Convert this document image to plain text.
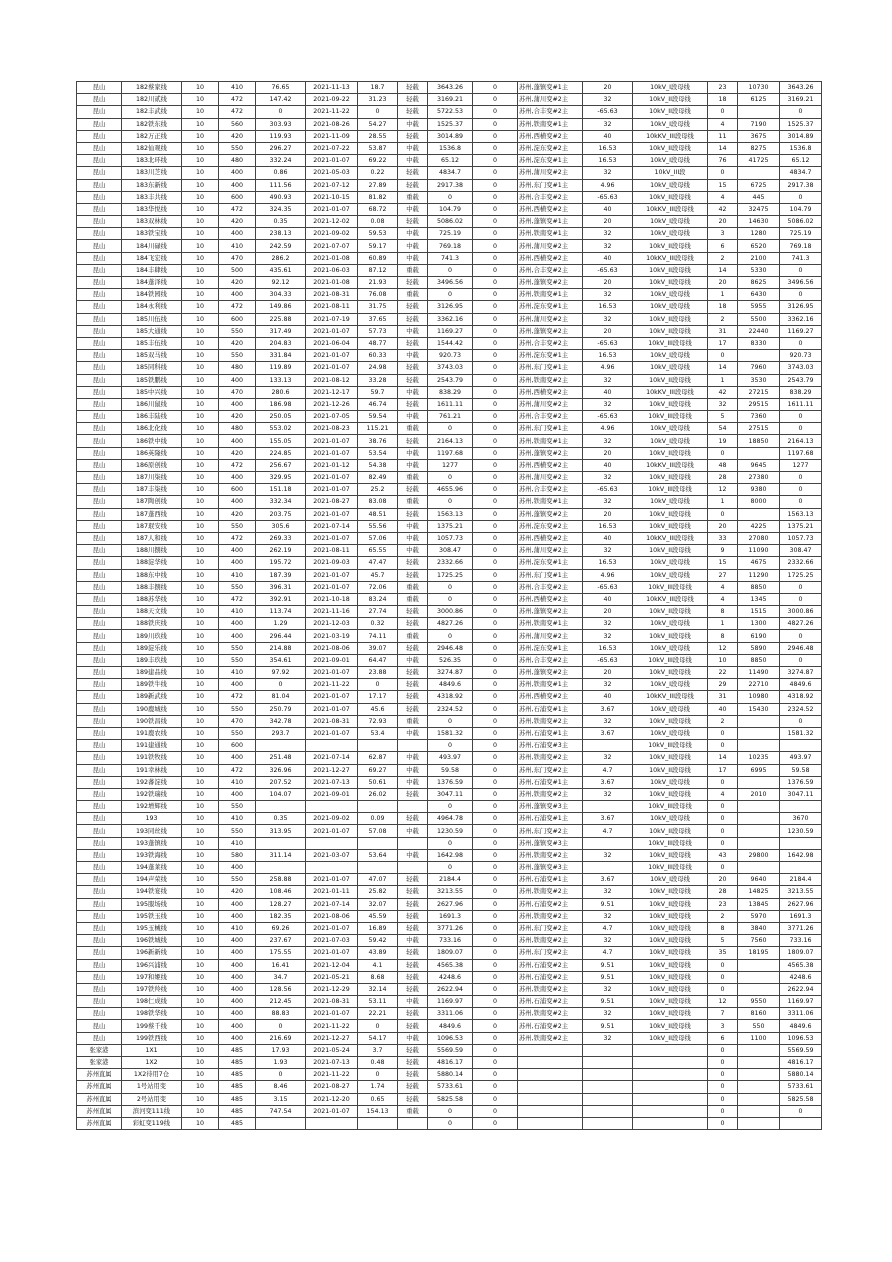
昆山	182蔡家线	10	410	76.65	2021-11-13	18.7	轻载	3643.26	0	苏州,蓬镇变#1主	20	10kV_I段母线	23	10730	3643.26
昆山	182川贰线	10	472	147.42	2021-09-22	31.23	轻载	3169.21	0	苏州,蒲川变#2主	32	10kV_II段母线	18	6125	3169.21
昆山	182丰武线	10	472	0	2021-11-22	0	轻载	5722.53	0	苏州,合丰变#2主	-65.63	10kV_II段母线	0		0
昆山	182铁东线	10	560	303.93	2021-08-26	54.27	中载	1525.37	0	苏州,铁南变#1主	32	10kV_I段母线	4	7190	1525.37
昆山	182万正线	10	420	119.93	2021-11-09	28.55	轻载	3014.89	0	苏州,西横变#2主	40	10kKV_III段母线	11	3675	3014.89
昆山	182仙观线	10	550	296.27	2021-07-22	53.87	中载	1536.8	0	苏州,淀东变#2主	16.53	10kV_II段母线	14	8275	1536.8
昆山	183北环线	10	480	332.24	2021-01-07	69.22	中载	65.12	0	苏州,淀东变#1主	16.53	10kV_I段母线	76	41725	65.12
昆山	183川芝线	10	400	0.86	2021-05-03	0.22	轻载	4834.7	0	苏州,蒲川变#2主	32	10kV_III段	0		4834.7
昆山	183东新线	10	400	111.56	2021-07-12	27.89	轻载	2917.38	0	苏州,东门变#1主	4.96	10kV_I段母线	15	6725	2917.38
昆山	183丰共线	10	600	490.93	2021-10-15	81.82	重载	0	0	苏州,合丰变#2主	-65.63	10kV_II段母线	4	445	0
昆山	183华悦线	10	472	324.35	2021-01-07	68.72	中载	104.79	0	苏州,西横变#2主	40	10kKV_III段母线	42	32475	104.79
昆山	183双林线	10	420	0.35	2021-12-02	0.08	轻载	5086.02	0	苏州,蓬镇变#1主	20	10kV_I段母线	20	14630	5086.02
昆山	183铁宝线	10	400	238.13	2021-09-02	59.53	中载	725.19	0	苏州,铁南变#1主	32	10kV_I段母线	3	1280	725.19
昆山	184川碌线	10	410	242.59	2021-07-07	59.17	中载	769.18	0	苏州,蒲川变#2主	32	10kV_II段母线	6	6520	769.18
昆山	184飞宏线	10	470	286.2	2021-01-08	60.89	中载	741.3	0	苏州,西横变#2主	40	10kKV_III段母线	2	2100	741.3
昆山	184丰肆线	10	500	435.61	2021-06-03	87.12	重载	0	0	苏州,合丰变#2主	-65.63	10kV_II段母线	14	5330	0
昆山	184蓬泽线	10	420	92.12	2021-01-08	21.93	轻载	3496.56	0	苏州,蓬镇变#2主	20	10kV_II段母线	20	8625	3496.56
昆山	184铁园线	10	400	304.33	2021-08-31	76.08	重载	0	0	苏州,铁南变#1主	32	10kV_I段母线	1	6430	0
昆山	184永利线	10	472	149.86	2021-08-11	31.75	轻载	3126.95	0	苏州,淀东变#1主	16.53	10kV_I段母线	18	5955	3126.95
昆山	185川伍线	10	600	225.88	2021-07-19	37.65	轻载	3362.16	0	苏州,蒲川变#2主	32	10kV_II段母线	2	5500	3362.16
昆山	185大通线	10	550	317.49	2021-01-07	57.73	中载	1169.27	0	苏州,蓬镇变#2主	20	10kV_II段母线	31	22440	1169.27
昆山	185丰伍线	10	420	204.83	2021-06-04	48.77	轻载	1544.42	0	苏州,合丰变#2主	-65.63	10kV_III段母线	17	8330	0
昆山	185双马线	10	550	331.84	2021-01-07	60.33	中载	920.73	0	苏州,淀东变#1主	16.53	10kV_I段母线	0		920.73
昆山	185同科线	10	480	119.89	2021-01-07	24.98	轻载	3743.03	0	苏州,东门变#1主	4.96	10kV_I段母线	14	7960	3743.03
昆山	185铁鹏线	10	400	133.13	2021-08-12	33.28	轻载	2543.79	0	苏州,铁南变#2主	32	10kV_II段母线	1	3530	2543.79
昆山	185中兴线	10	470	280.6	2021-12-17	59.7	中载	838.29	0	苏州,西横变#2主	40	10kKV_III段母线	42	27215	838.29
昆山	186川鼠线	10	400	186.98	2021-12-26	46.74	轻载	1611.11	0	苏州,蒲川变#2主	32	10kV_II段母线	32	29515	1611.11
昆山	186丰陆线	10	420	250.05	2021-07-05	59.54	中载	761.21	0	苏州,合丰变#2主	-65.63	10kV_III段母线	5	7360	0
昆山	186北化线	10	480	553.02	2021-08-23	115.21	重载	0	0	苏州,东门变#1主	4.96	10kV_I段母线	54	27515	0
昆山	186铁中线	10	400	155.05	2021-01-07	38.76	轻载	2164.13	0	苏州,铁南变#1主	32	10kV_I段母线	19	18850	2164.13
昆山	186英隆线	10	420	224.85	2021-01-07	53.54	中载	1197.68	0	苏州,蓬镇变#2主	20	10kV_II段母线	0		1197.68
昆山	186原创线	10	472	256.67	2021-01-12	54.38	中载	1277	0	苏州,西横变#2主	40	10kKV_III段母线	48	9645	1277
昆山	187川柒线	10	400	329.95	2021-01-07	82.49	重载	0	0	苏州,蒲川变#2主	32	10kV_II段母线	28	27380	0
昆山	187丰柒线	10	600	151.18	2021-01-07	25.2	轻载	4655.96	0	苏州,合丰变#2主	-65.63	10kV_III段母线	12	9380	0
昆山	187陶创线	10	400	332.34	2021-08-27	83.08	重载	0	0	苏州,铁南变#1主	32	10kV_I段母线	1	8000	0
昆山	187蓬西线	10	420	203.75	2021-01-07	48.51	轻载	1563.13	0	苏州,蓬镇变#2主	20	10kV_II段母线	0		1563.13
昆山	187珉安线	10	550	305.6	2021-07-14	55.56	中载	1375.21	0	苏州,淀东变#2主	16.53	10kV_II段母线	20	4225	1375.21
昆山	187人和线	10	472	269.33	2021-01-07	57.06	中载	1057.73	0	苏州,西横变#2主	40	10kKV_III段母线	33	27080	1057.73
昆山	188川捌线	10	400	262.19	2021-08-11	65.55	中载	308.47	0	苏州,蒲川变#2主	32	10kV_II段母线	9	11090	308.47
昆山	188淀华线	10	400	195.72	2021-09-03	47.47	轻载	2332.66	0	苏州,淀东变#1主	16.53	10kV_I段母线	15	4675	2332.66
昆山	188东中线	10	410	187.39	2021-01-07	45.7	轻载	1725.25	0	苏州,东门变#1主	4.96	10kV_I段母线	27	11290	1725.25
昆山	188丰捌线	10	550	396.31	2021-01-07	72.06	重载	0	0	苏州,合丰变#2主	-65.63	10kV_III段母线	4	8850	0
昆山	188苏华线	10	472	392.91	2021-10-18	83.24	重载	0	0	苏州,西横变#2主	40	10kKV_III段母线	4	1345	0
昆山	188天文线	10	410	113.74	2021-11-16	27.74	轻载	3000.86	0	苏州,蓬镇变#2主	20	10kV_II段母线	8	1515	3000.86
昆山	188铁庆线	10	400	1.29	2021-12-03	0.32	轻载	4827.26	0	苏州,铁南变#1主	32	10kV_I段母线	1	1300	4827.26
昆山	189川玖线	10	400	296.44	2021-03-19	74.11	重载	0	0	苏州,蒲川变#2主	32	10kV_II段母线	8	6190	0
昆山	189淀乐线	10	550	214.88	2021-08-06	39.07	轻载	2946.48	0	苏州,淀东变#1主	16.53	10kV_I段母线	12	5890	2946.48
昆山	189丰玖线	10	550	354.61	2021-09-01	64.47	中载	526.35	0	苏州,合丰变#2主	-65.63	10kV_III段母线	10	8850	0
昆山	189建品线	10	410	97.92	2021-01-07	23.88	轻载	3274.87	0	苏州,蓬镇变#2主	20	10kV_II段母线	22	11490	3274.87
昆山	189铁牛线	10	400	0	2021-11-22	0	轻载	4849.6	0	苏州,铁南变#1主	32	10kV_I段母线	29	22710	4849.6
昆山	189新武线	10	472	81.04	2021-01-07	17.17	轻载	4318.92	0	苏州,西横变#2主	40	10kKV_III段母线	31	10980	4318.92
昆山	190鹿城线	10	550	250.79	2021-01-07	45.6	轻载	2324.52	0	苏州,石浦变#1主	3.67	10kV_I段母线	40	15430	2324.52
昆山	190铁昌线	10	470	342.78	2021-08-31	72.93	重载	0	0	苏州,铁南变#2主	32	10kV_II段母线	2		0
昆山	191鹿农线	10	550	293.7	2021-01-07	53.4	中载	1581.32	0	苏州,石浦变#1主	3.67	10kV_I段母线	0		1581.32
昆山	191建通线	10	600					0	0	苏州,石浦变#3主		10kV_III段母线	0		
昆山	191铁牧线	10	400	251.48	2021-07-14	62.87	中载	493.97	0	苏州,铁南变#2主	32	10kV_II段母线	14	10235	493.97
昆山	191幸林线	10	472	326.96	2021-12-27	69.27	中载	59.58	0	苏州,东门变#2主	4.7	10kV_II段母线	17	6995	59.58
昆山	192蕃淀线	10	410	207.52	2021-07-13	50.61	中载	1376.59	0	苏州,石浦变#1主	3.67	10kV_I段母线	0		1376.59
昆山	192铁瑞线	10	400	104.07	2021-09-01	26.02	轻载	3047.11	0	苏州,铁南变#2主	32	10kV_II段母线	4	2010	3047.11
昆山	192增辉线	10	550					0	0	苏州,蓬镇变#3主		10kV_III段母线	0		
昆山	193	10	410	0.35	2021-09-02	0.09	轻载	4964.78	0	苏州,石浦变#1主	3.67	10kV_I段母线	0		3670
昆山	193同丝线	10	550	313.95	2021-01-07	57.08	中载	1230.59	0	苏州,东门变#2主	4.7	10kV_II段母线	0		1230.59
昆山	193蓬镇线	10	410					0	0	苏州,蓬镇变#3主		10kV_III段母线	0		
昆山	193铁海线	10	580	311.14	2021-03-07	53.64	中载	1642.98	0	苏州,铁南变#2主	32	10kV_II段母线	43	29800	1642.98
昆山	194蓬莱线	10	400					0	0	苏州,蓬镇变#3主		10kV_III段母线	0		
昆山	194声荣线	10	550	258.88	2021-01-07	47.07	轻载	2184.4	0	苏州,石浦变#1主	3.67	10kV_I段母线	20	9640	2184.4
昆山	194铁宴线	10	420	108.46	2021-01-11	25.82	轻载	3213.55	0	苏州,铁南变#2主	32	10kV_II段母线	28	14825	3213.55
昆山	195服场线	10	400	128.27	2021-07-14	32.07	轻载	2627.96	0	苏州,石浦变#2主	9.51	10kV_II段母线	23	13845	2627.96
昆山	195铁玉线	10	400	182.35	2021-08-06	45.59	轻载	1691.3	0	苏州,铁南变#2主	32	10kV_II段母线	2	5970	1691.3
昆山	195玉械线	10	410	69.26	2021-01-07	16.89	轻载	3771.26	0	苏州,东门变#2主	4.7	10kV_II段母线	8	3840	3771.26
昆山	196铁城线	10	400	237.67	2021-07-03	59.42	中载	733.16	0	苏州,铁南变#2主	32	10kV_II段母线	5	7560	733.16
昆山	196新新线	10	400	175.55	2021-01-07	43.89	轻载	1809.07	0	苏州,东门变#2主	4.7	10kV_II段母线	35	18195	1809.07
昆山	196兴浦线	10	400	16.41	2021-12-04	4.1	轻载	4565.38	0	苏州,石浦变#2主	9.51	10kV_II段母线	0		4565.38
昆山	197和姬线	10	400	34.7	2021-05-21	8.68	轻载	4248.6	0	苏州,石浦变#2主	9.51	10kV_II段母线	0		4248.6
昆山	197铁羚线	10	400	128.56	2021-12-29	32.14	轻载	2622.94	0	苏州,铁南变#2主	32	10kV_II段母线	0		2622.94
昆山	198仁成线	10	400	212.45	2021-08-31	53.11	中载	1169.97	0	苏州,石浦变#2主	9.51	10kV_II段母线	12	9550	1169.97
昆山	198铁华线	10	400	88.83	2021-01-07	22.21	轻载	3311.06	0	苏州,铁南变#2主	32	10kV_II段母线	7	8160	3311.06
昆山	199蔡千线	10	400	0	2021-11-22	0	轻载	4849.6	0	苏州,石浦变#2主	9.51	10kV_II段母线	3	550	4849.6
昆山	199铁西线	10	400	216.69	2021-12-27	54.17	中载	1096.53	0	苏州,铁南变#2主	32	10kV_II段母线	6	1100	1096.53
张家港	1X1	10	485	17.93	2021-05-24	3.7	轻载	5569.59	0				0		5569.59
张家港	1X2	10	485	1.93	2021-07-13	0.48	轻载	4816.17	0				0		4816.17
苏州直属	1X2待用7仓	10	485	0	2021-11-22	0	轻载	5880.14	0				0		5880.14
苏州直属	1号站用变	10	485	8.46	2021-08-27	1.74	轻载	5733.61	0				0		5733.61
苏州直属	2号站用变	10	485	3.15	2021-12-20	0.65	轻载	5825.58	0				0		5825.58
苏州直属	滨河变111线	10	485	747.54	2021-01-07	154.13	重载	0	0				0		0
苏州直属	彩虹变119线	10	485					0	0				0		
